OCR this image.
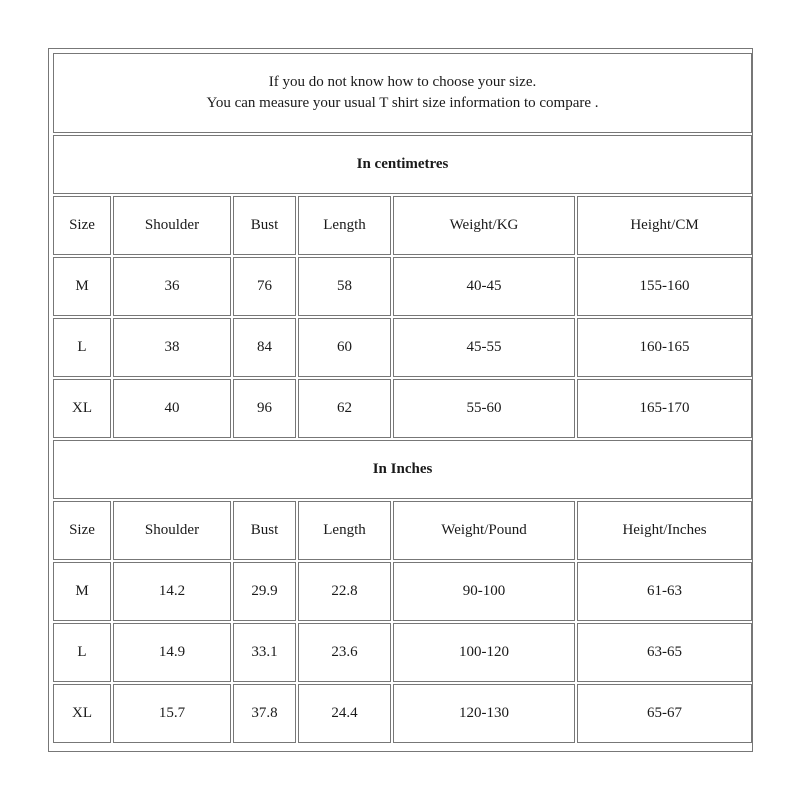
If you do not know how to choose your size.
You can measure your usual T shirt size information to compare .					

In centimetres					
Size	Shoulder	Bust	Length	Weight/KG	Height/CM
M	36	76	58	40-45	155-160
L	38	84	60	45-55	160-165
XL	40	96	62	55-60	165-170
In Inches					
Size	Shoulder	Bust	Length	Weight/Pound	Height/Inches
M	14.2	29.9	22.8	90-100	61-63
L	14.9	33.1	23.6	100-120	63-65
XL	15.7	37.8	24.4	120-130	65-67
